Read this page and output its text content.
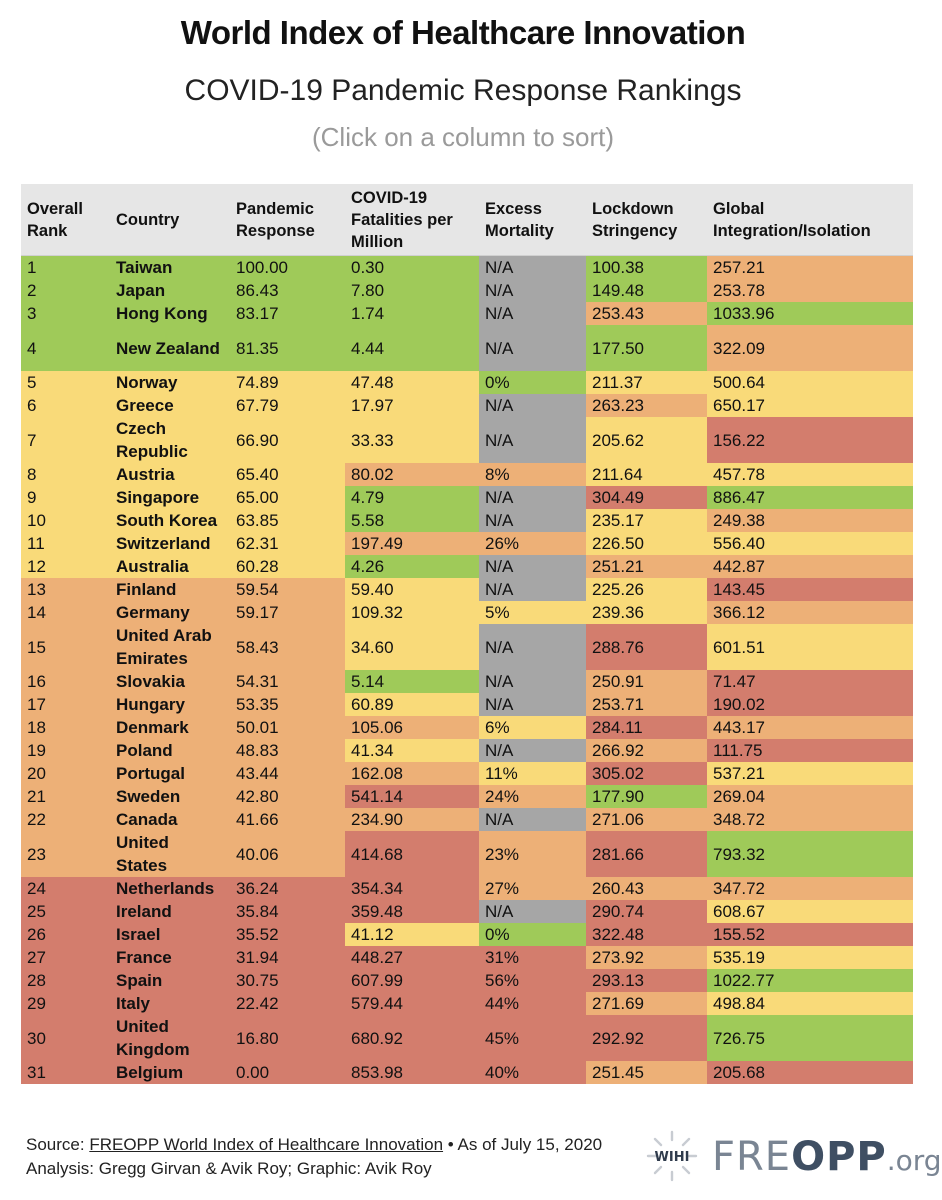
World Index of Healthcare Innovation
COVID-19 Pandemic Response Rankings
(Click on a column to sort)
Overall Rank	Country	Pandemic Response	COVID-19 Fatalities per Million	Excess Mortality	Lockdown Stringency	Global Integration/Isolation
1	Taiwan	100.00	0.30	N/A	100.38	257.21
2	Japan	86.43	7.80	N/A	149.48	253.78
3	Hong Kong	83.17	1.74	N/A	253.43	1033.96
4	New Zealand	81.35	4.44	N/A	177.50	322.09
5	Norway	74.89	47.48	0%	211.37	500.64
6	Greece	67.79	17.97	N/A	263.23	650.17
7	Czech Republic	66.90	33.33	N/A	205.62	156.22
8	Austria	65.40	80.02	8%	211.64	457.78
9	Singapore	65.00	4.79	N/A	304.49	886.47
10	South Korea	63.85	5.58	N/A	235.17	249.38
11	Switzerland	62.31	197.49	26%	226.50	556.40
12	Australia	60.28	4.26	N/A	251.21	442.87
13	Finland	59.54	59.40	N/A	225.26	143.45
14	Germany	59.17	109.32	5%	239.36	366.12
15	United Arab Emirates	58.43	34.60	N/A	288.76	601.51
16	Slovakia	54.31	5.14	N/A	250.91	71.47
17	Hungary	53.35	60.89	N/A	253.71	190.02
18	Denmark	50.01	105.06	6%	284.11	443.17
19	Poland	48.83	41.34	N/A	266.92	111.75
20	Portugal	43.44	162.08	11%	305.02	537.21
21	Sweden	42.80	541.14	24%	177.90	269.04
22	Canada	41.66	234.90	N/A	271.06	348.72
23	United States	40.06	414.68	23%	281.66	793.32
24	Netherlands	36.24	354.34	27%	260.43	347.72
25	Ireland	35.84	359.48	N/A	290.74	608.67
26	Israel	35.52	41.12	0%	322.48	155.52
27	France	31.94	448.27	31%	273.92	535.19
28	Spain	30.75	607.99	56%	293.13	1022.77
29	Italy	22.42	579.44	44%	271.69	498.84
30	United Kingdom	16.80	680.92	45%	292.92	726.75
31	Belgium	0.00	853.98	40%	251.45	205.68
Source: FREOPP World Index of Healthcare Innovation • As of July 15, 2020
Analysis: Gregg Girvan & Avik Roy; Graphic: Avik Roy
WIHI FREOPP.org
